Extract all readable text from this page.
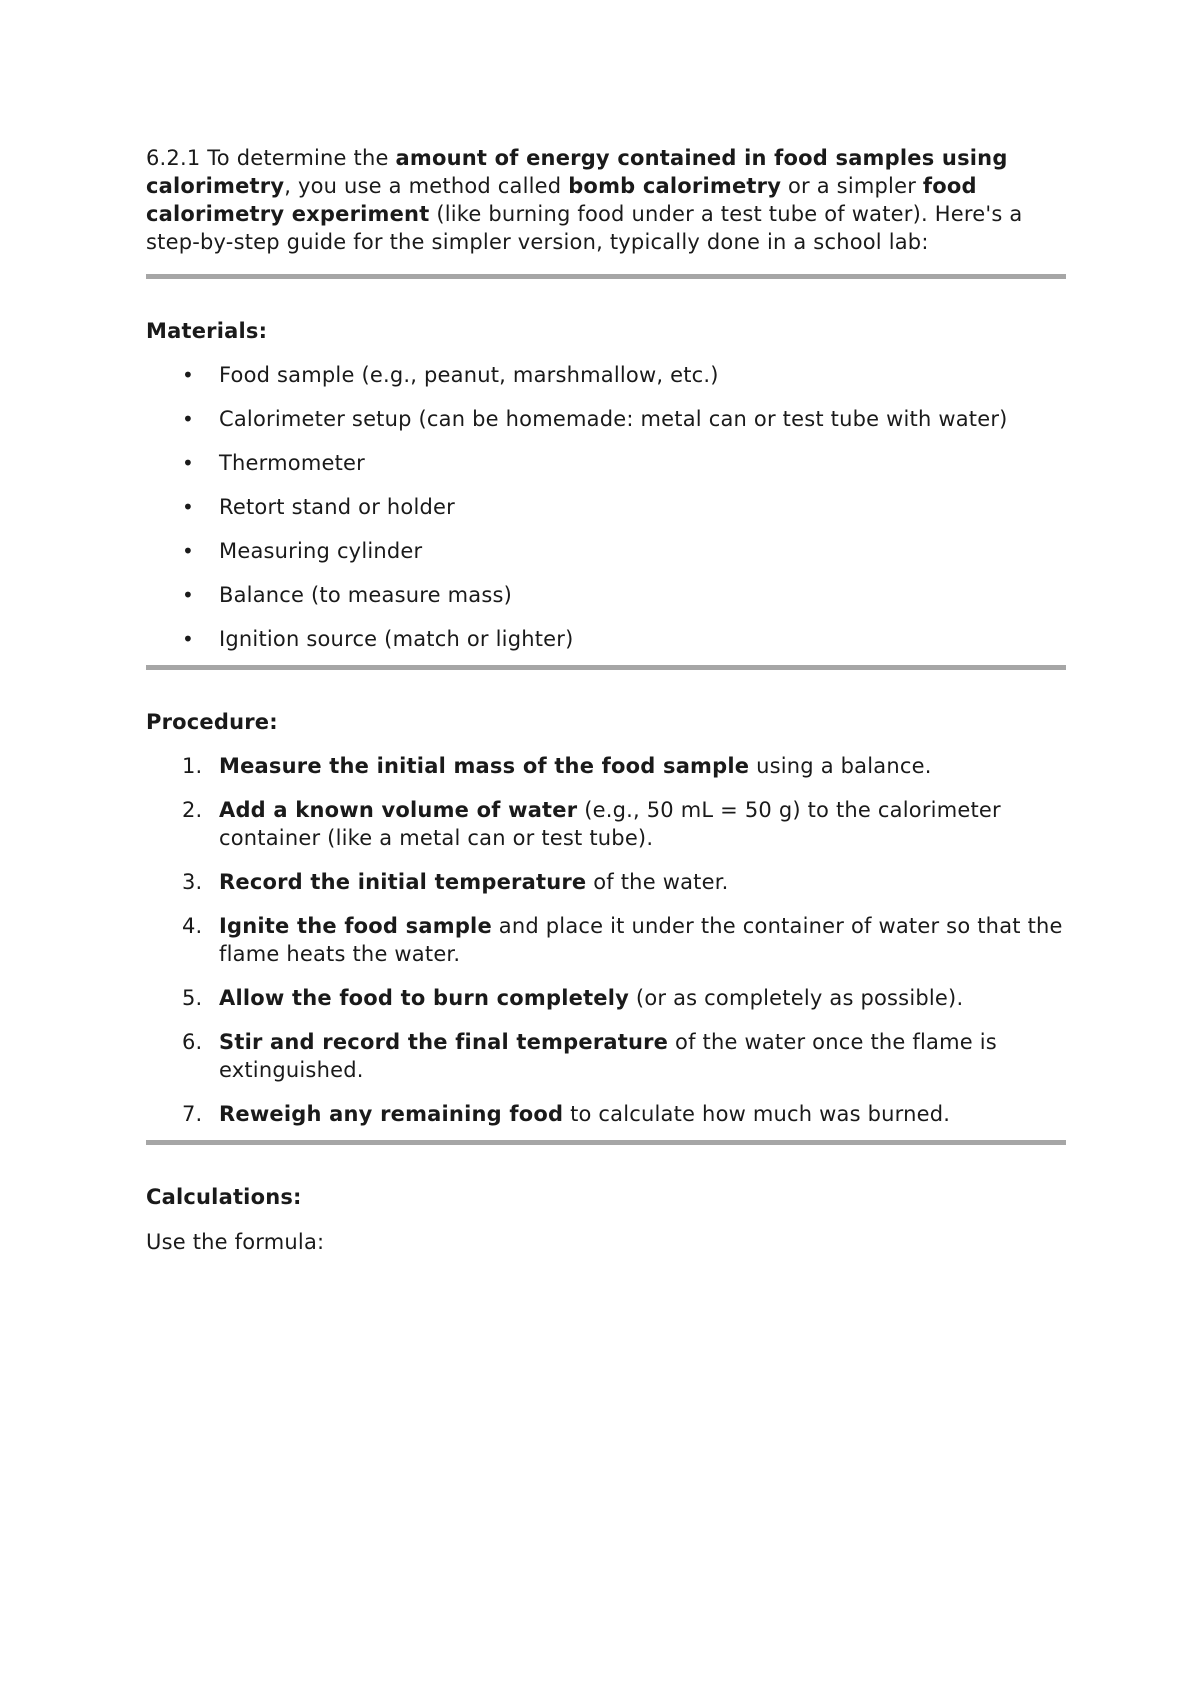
6.2.1 To determine the amount of energy contained in food samples using calorimetry, you use a method called bomb calorimetry or a simpler food calorimetry experiment (like burning food under a test tube of water). Here's a step-by-step guide for the simpler version, typically done in a school lab:

Materials:

• Food sample (e.g., peanut, marshmallow, etc.)
• Calorimeter setup (can be homemade: metal can or test tube with water)
• Thermometer
• Retort stand or holder
• Measuring cylinder
• Balance (to measure mass)
• Ignition source (match or lighter)

Procedure:

1. Measure the initial mass of the food sample using a balance.
2. Add a known volume of water (e.g., 50 mL = 50 g) to the calorimeter container (like a metal can or test tube).
3. Record the initial temperature of the water.
4. Ignite the food sample and place it under the container of water so that the flame heats the water.
5. Allow the food to burn completely (or as completely as possible).
6. Stir and record the final temperature of the water once the flame is extinguished.
7. Reweigh any remaining food to calculate how much was burned.

Calculations:

Use the formula:
